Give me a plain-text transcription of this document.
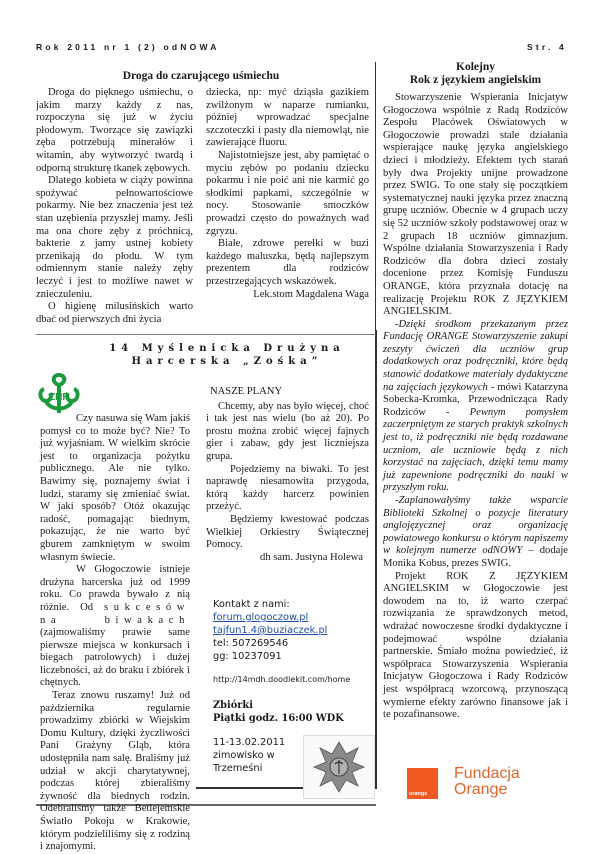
Rok 2011 nr 1 (2) odNOWA	Str. 4
Droga do czarującego uśmiechu

Droga do pięknego uśmiechu, o jakim marzy każdy z nas, rozpoczyna się już w życiu płodowym. Tworzące się zawiązki zęba potrzebują minerałów i witamin, aby wytworzyć twardą i odporną strukturę tkanek zębowych.

Dlatego kobieta w ciąży powinna spożywać pełnowartościowe pokarmy. Nie bez znaczenia jest też stan uzębienia przyszłej mamy. Jeśli ma ona chore zęby z próchnicą, bakterie z jamy ustnej kobiety przenikają do płodu. W tym odmiennym stanie należy zęby leczyć i jest to możliwe nawet w znieczuleniu.

O higienę milusińskich warto dbać od pierwszych dni życia

dziecka, np: myć dziąsła gazikiem zwilżonym w naparze rumianku, później wprowadzać specjalne szczoteczki i pasty dla niemowląt, nie zawierające fluoru.

Najistotniejsze jest, aby pamiętać o myciu zębów po podaniu dziecku pokarmu i nie poić ani nie karmić go słodkimi papkami, szczególnie w nocy. Stosowanie smoczków prowadzi często do poważnych wad zgryzu.

Białe, zdrowe perełki w buzi każdego maluszka, będą najlepszym prezentem dla rodziców przestrzegających wskazówek.

Lek.stom Magdalena Waga
Kolejny
Rok z językiem angielskim

Stowarzyszenie Wspierania Inicjatyw Głogoczowa wspólnie z Radą Rodziców Zespołu Placówek Oświatowych w Głogoczowie prowadzi stale działania wspierające naukę języka angielskiego dzieci i młodzieży. Efektem tych starań były dwa Projekty unijne prowadzone przez SWIG. To one stały się początkiem systematycznej nauki języka przez znaczną grupę uczniów. Obecnie w 4 grupach uczy się 52 uczniów szkoły podstawowej oraz w 2 grupach 18 uczniów gimnazjum. Wspólne działania Stowarzyszenia i Rady Rodziców dla dobra dzieci zostały docenione przez Komisję Funduszu ORANGE, która przyznała dotację na realizację Projektu ROK Z JĘZYKIEM ANGIELSKIM.

-Dzięki środkom przekazanym przez Fundację ORANGE Stowarzyszenie zakupi zeszyty ćwiczeń dla uczniów grup dodatkowych oraz podręczniki, które będą stanowić dodatkowe materiały dydaktyczne na zajęciach językowych - mówi Katarzyna Sobecka-Kromka, Przewodnicząca Rady Rodziców - Pewnym pomysłem zaczerpniętym ze starych praktyk szkolnych jest to, iż podręczniki nie będą rozdawane uczniom, ale uczniowie będą z nich korzystać na zajęciach, dzięki temu mamy już zapewnione podręczniki do nauki w przyszłym roku.

-Zaplanowałyśmy także wsparcie Biblioteki Szkolnej o pozycje literatury anglojęzycznej oraz organizację powiatowego konkursu o którym napiszemy w kolejnym numerze odNOWY – dodaje Monika Kobus, prezes SWIG.

Projekt ROK Z JĘZYKIEM ANGIELSKIM w Głogoczowie jest dowodem na to, iż warto czerpać rozwiązania ze sprawdzonych metod, wdrażać nowoczesne środki dydaktyczne i podejmować wspólne działania partnerskie. Śmiało można powiedzieć, iż współpraca Stowarzyszenia Wspierania Inicjatyw Głogoczowa i Rady Rodziców jest współpracą wzorcową, przynoszącą wymierne efekty zarówno finansowe jak i te pozafinansowe.

orange
Fundacja
Orange
14 Myślenicka Drużyna
Harcerska „Zośka”
ZHP

Czy nasuwa się Wam jakiś pomysł co to może być? Nie? To już wyjaśniam. W wielkim skrócie jest to organizacja pożytku publicznego. Ale nie tylko. Bawimy się, poznajemy świat i ludzi, staramy się zmieniać świat. W jaki sposób? Otóż okazując radość, pomagając biednym, pokazując, że nie warto być gburem zamkniętym w swoim własnym świecie.

W Głogoczowie istnieje drużyna harcerska już od 1999 roku. Co prawda bywało z nią różnie. Od sukcesów na biwakach (zajmowaliśmy prawie same pierwsze miejsca w konkursach i biegach patrolowych) i dużej liczebności, aż do braku i zbiórek i chętnych.

Teraz znowu ruszamy! Już od października regularnie prowadzimy zbiórki w Wiejskim Domu Kultury, dzięki życzliwości Pani Grażyny Gląb, która udostępniła nam salę. Braliśmy już udział w akcji charytatywnej, podczas której zbieraliśmy żywność dla biednych rodzin. Odebraliśmy także Betlejemskie Światło Pokoju w Krakowie, którym podzieliliśmy się z rodziną i znajomymi.

NASZE PLANY

Chcemy, aby nas było więcej, choć i tak jest nas wielu (bo aż 20). Po prostu można zrobić więcej fajnych gier i zabaw, gdy jest liczniejsza grupa.

Pojedziemy na biwaki. To jest naprawdę niesamowita przygoda, którą każdy harcerz powinien przeżyć.

Będziemy kwestować podczas Wielkiej Orkiestry Świątecznej Pomocy.

dh sam. Justyna Holewa
Kontakt z nami:
forum.glogoczow.pl
tajfun1.4@buziaczek.pl
tel: 507269546
gg: 10237091
http://14mdh.doodlekit.com/home
Zbiórki
Piątki godz. 16:00 WDK
11-13.02.2011
zimowisko w
Trzemeśni
